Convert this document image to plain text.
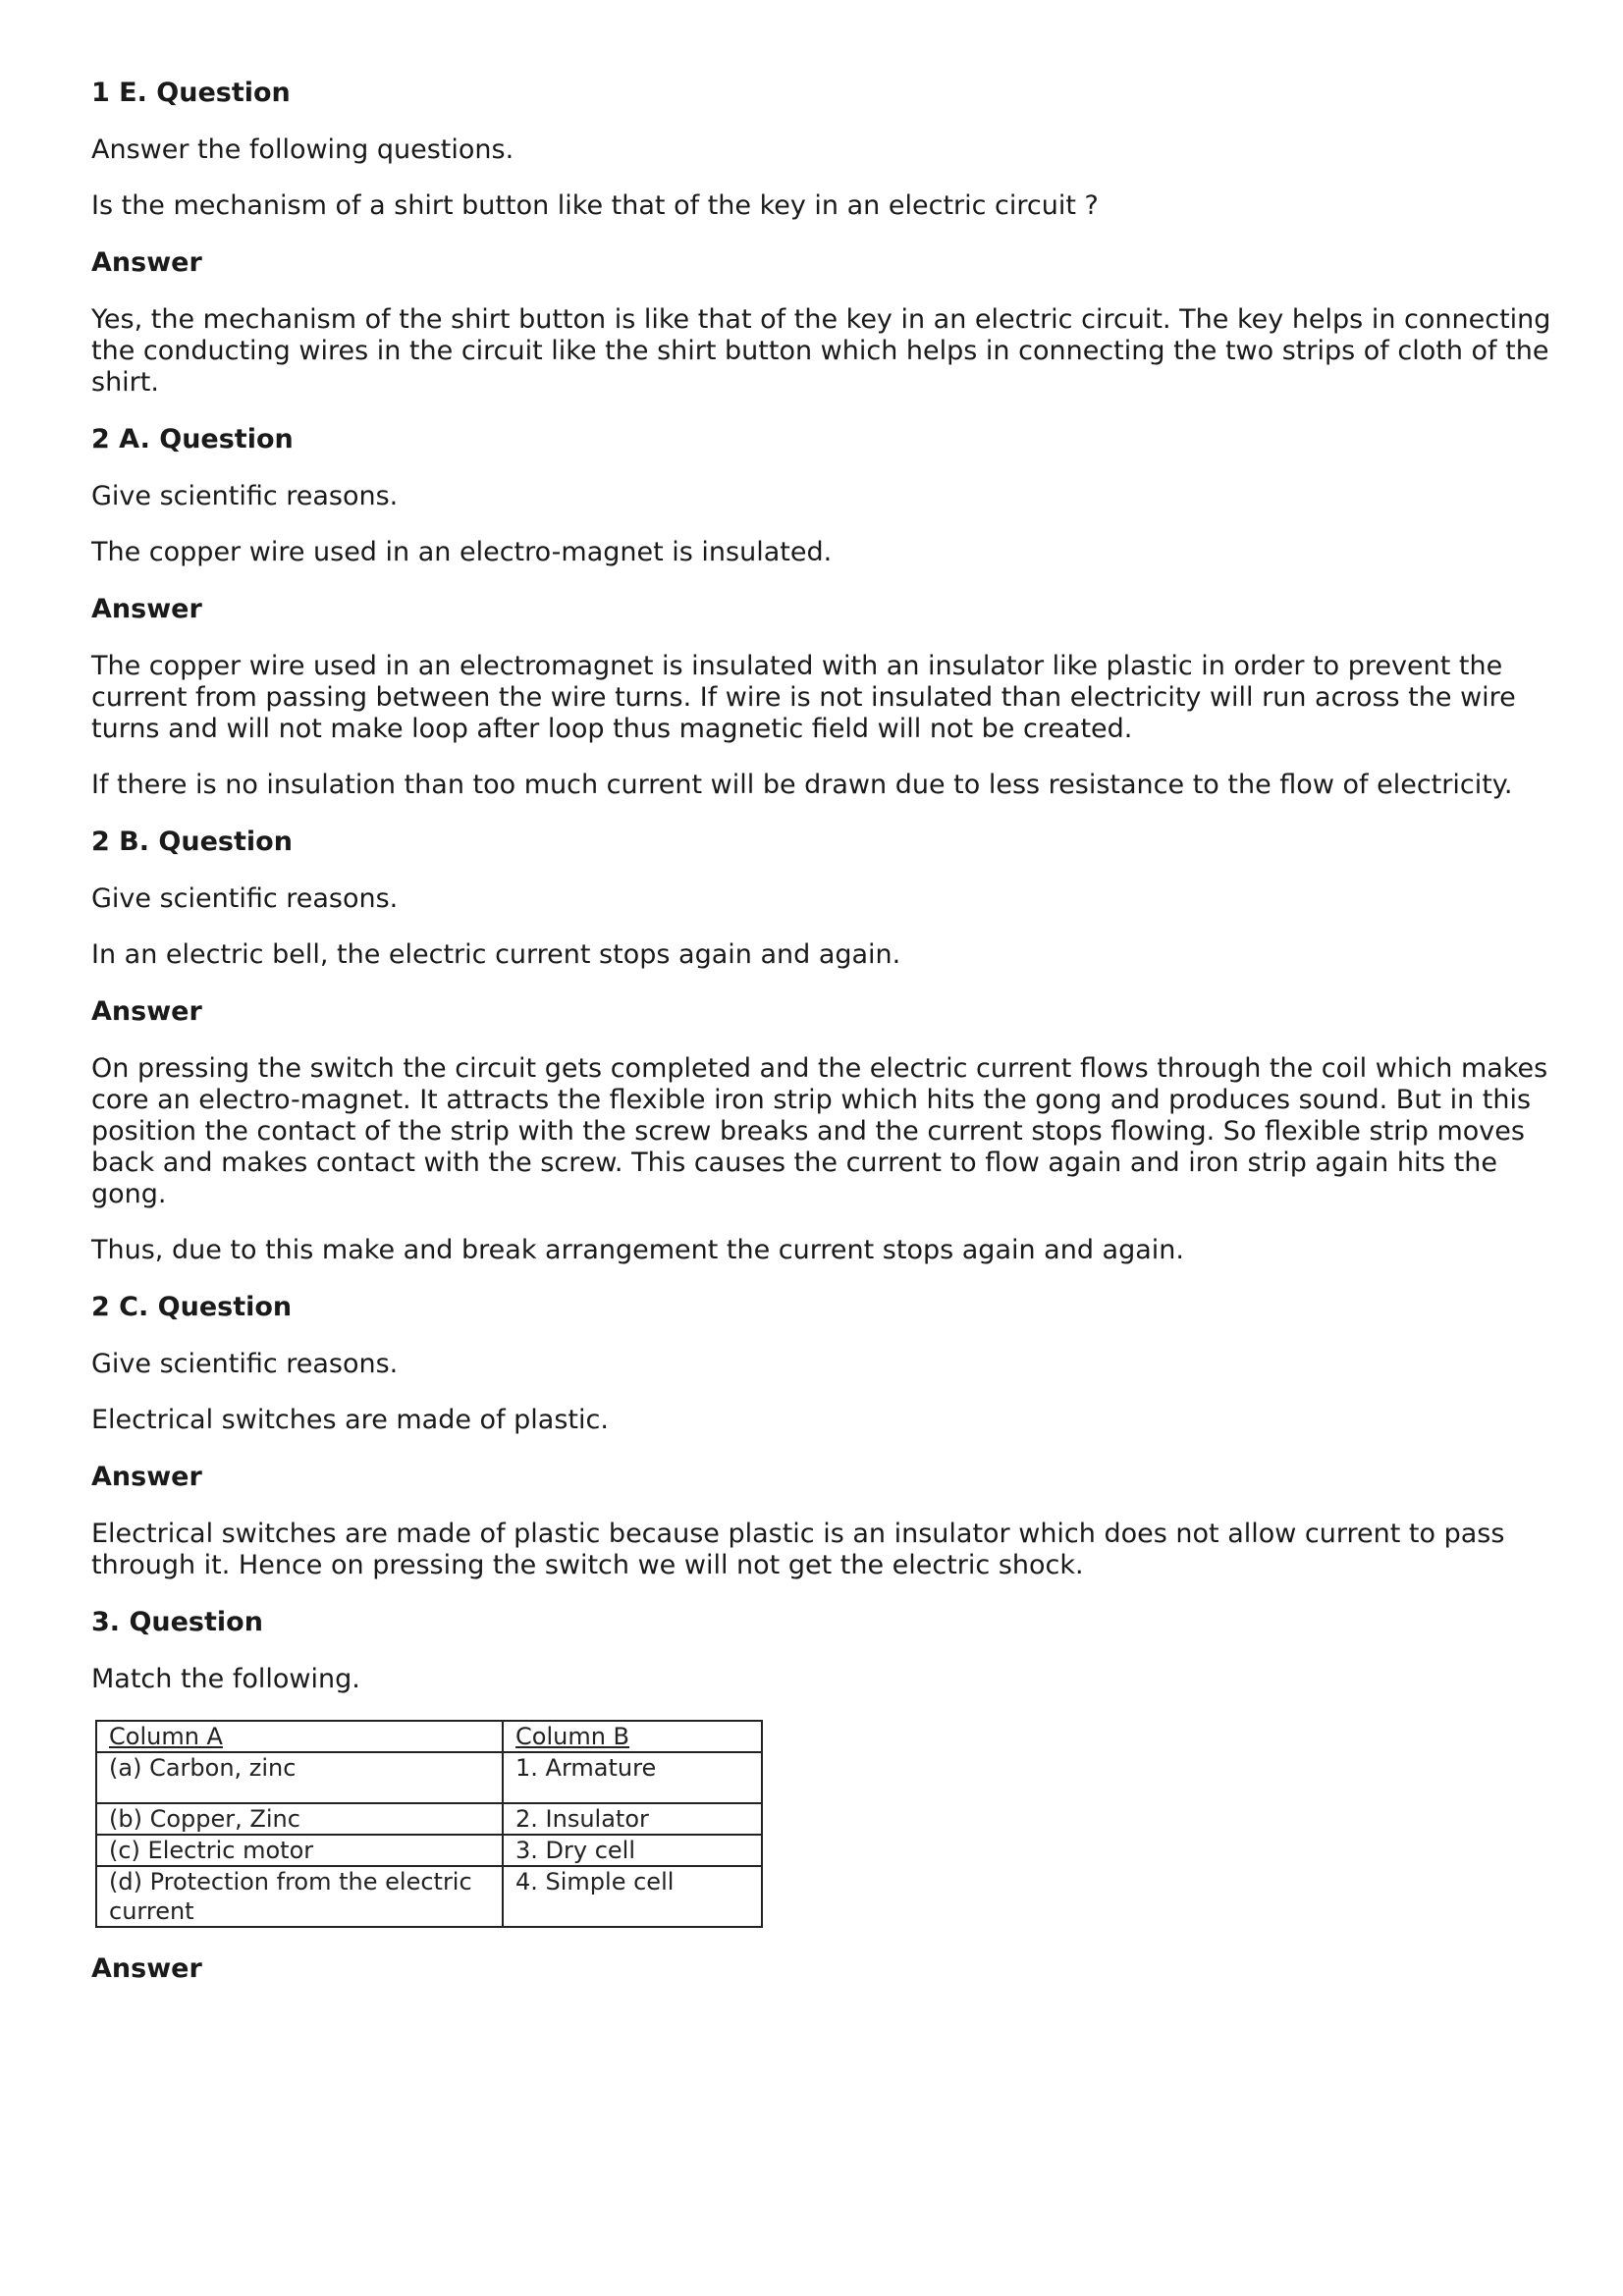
1 E. Question

Answer the following questions.

Is the mechanism of a shirt button like that of the key in an electric circuit ?

Answer

Yes, the mechanism of the shirt button is like that of the key in an electric circuit. The key helps in connecting the conducting wires in the circuit like the shirt button which helps in connecting the two strips of cloth of the shirt.

2 A. Question

Give scientific reasons.

The copper wire used in an electro-magnet is insulated.

Answer

The copper wire used in an electromagnet is insulated with an insulator like plastic in order to prevent the current from passing between the wire turns. If wire is not insulated than electricity will run across the wire turns and will not make loop after loop thus magnetic field will not be created.

If there is no insulation than too much current will be drawn due to less resistance to the flow of electricity.

2 B. Question

Give scientific reasons.

In an electric bell, the electric current stops again and again.

Answer

On pressing the switch the circuit gets completed and the electric current flows through the coil which makes core an electro-magnet. It attracts the flexible iron strip which hits the gong and produces sound. But in this position the contact of the strip with the screw breaks and the current stops flowing. So flexible strip moves back and makes contact with the screw. This causes the current to flow again and iron strip again hits the gong.

Thus, due to this make and break arrangement the current stops again and again.

2 C. Question

Give scientific reasons.

Electrical switches are made of plastic.

Answer

Electrical switches are made of plastic because plastic is an insulator which does not allow current to pass through it. Hence on pressing the switch we will not get the electric shock.

3. Question

Match the following.

Column A	Column B
(a) Carbon, zinc	1. Armature
(b) Copper, Zinc	2. Insulator
(c) Electric motor	3. Dry cell
(d) Protection from the electric current	4. Simple cell

Answer
